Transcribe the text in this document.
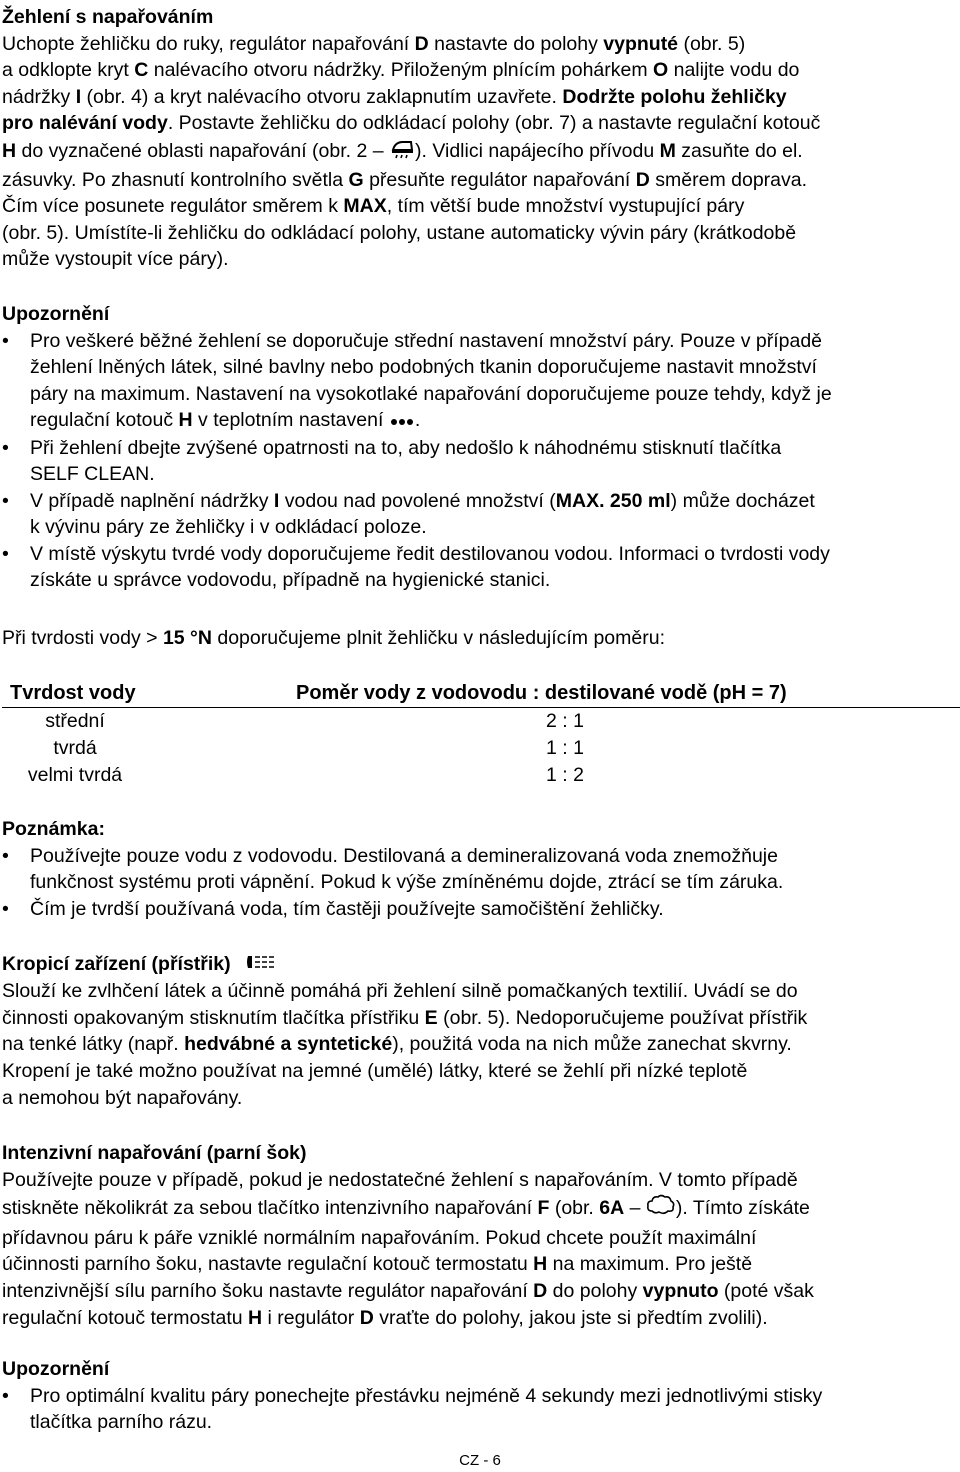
Žehlení s napařováním
Uchopte žehličku do ruky, regulátor napařování D nastavte do polohy vypnuté (obr. 5)
a odklopte kryt C nalévacího otvoru nádržky. Přiloženým plnícím pohárkem O nalijte vodu do
nádržky I (obr. 4) a kryt nalévacího otvoru zaklapnutím uzavřete. Dodržte polohu žehličky
pro nalévání vody. Postavte žehličku do odkládací polohy (obr. 7) a nastavte regulační kotouč
H do vyznačené oblasti napařování (obr. 2 – ). Vidlici napájecího přívodu M zasuňte do el.
zásuvky. Po zhasnutí kontrolního světla G přesuňte regulátor napařování D směrem doprava.
Čím více posunete regulátor směrem k MAX, tím větší bude množství vystupující páry
(obr. 5). Umístíte-li žehličku do odkládací polohy, ustane automaticky vývin páry (krátkodobě
může vystoupit více páry).
Upozornění
• Pro veškeré běžné žehlení se doporučuje střední nastavení množství páry. Pouze v případě
žehlení lněných látek, silné bavlny nebo podobných tkanin doporučujeme nastavit množství
páry na maximum. Nastavení na vysokotlaké napařování doporučujeme pouze tehdy, když je
regulační kotouč H v teplotním nastavení .
• Při žehlení dbejte zvýšené opatrnosti na to, aby nedošlo k náhodnému stisknutí tlačítka
SELF CLEAN.
• V případě naplnění nádržky I vodou nad povolené množství (MAX. 250 ml) může docházet
k vývinu páry ze žehličky i v odkládací poloze.
• V místě výskytu tvrdé vody doporučujeme ředit destilovanou vodou. Informaci o tvrdosti vody
získáte u správce vodovodu, případně na hygienické stanici.
Při tvrdosti vody > 15 °N doporučujeme plnit žehličku v následujícím poměru:
Tvrdost vody	Poměr vody z vodovodu : destilované vodě (pH = 7)
střední	2 : 1
tvrdá	1 : 1
velmi tvrdá	1 : 2
Poznámka:
• Používejte pouze vodu z vodovodu. Destilovaná a demineralizovaná voda znemožňuje
funkčnost systému proti vápnění. Pokud k výše zmíněnému dojde, ztrácí se tím záruka.
• Čím je tvrdší používaná voda, tím častěji používejte samočištění žehličky.
Kropicí zařízení (přístřik)
Slouží ke zvlhčení látek a účinně pomáhá při žehlení silně pomačkaných textilií. Uvádí se do
činnosti opakovaným stisknutím tlačítka přístřiku E (obr. 5). Nedoporučujeme používat přístřik
na tenké látky (např. hedvábné a syntetické), použitá voda na nich může zanechat skvrny.
Kropení je také možno používat na jemné (umělé) látky, které se žehlí při nízké teplotě
a nemohou být napařovány.
Intenzivní napařování (parní šok)
Používejte pouze v případě, pokud je nedostatečné žehlení s napařováním. V tomto případě
stiskněte několikrát za sebou tlačítko intenzivního napařování F (obr. 6A – ). Tímto získáte
přídavnou páru k páře vzniklé normálním napařováním. Pokud chcete použít maximální
účinnosti parního šoku, nastavte regulační kotouč termostatu H na maximum. Pro ještě
intenzivnější sílu parního šoku nastavte regulátor napařování D do polohy vypnuto (poté však
regulační kotouč termostatu H i regulátor D vraťte do polohy, jakou jste si předtím zvolili).
Upozornění
• Pro optimální kvalitu páry ponechejte přestávku nejméně 4 sekundy mezi jednotlivými stisky
tlačítka parního rázu.
CZ - 6
